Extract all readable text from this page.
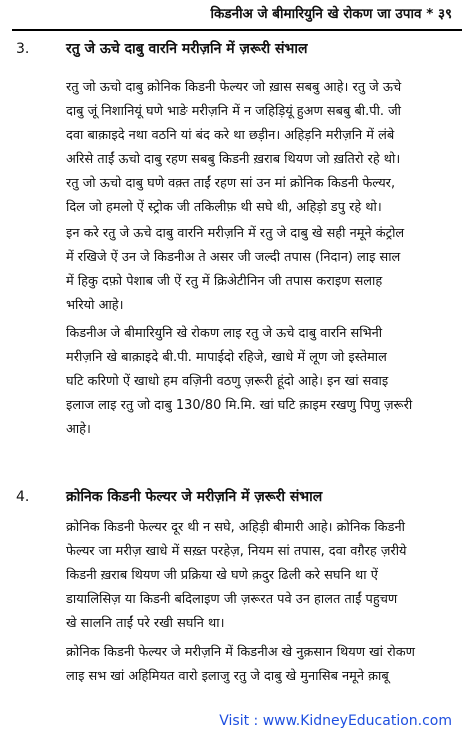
किडनीअ जे बीमारियुनि खे रोकण जा उपाव * ३९
3.	रतु जे ऊचे दाबु वारनि मरीज़नि में ज़रूरी संभाल
रतु जो ऊचो दाबु क्रोनिक किडनी फेल्यर जो ख़ास सबबु आहे। रतु जे ऊचे
दाबु जूं निशानियूं घणे भाङे मरीज़नि में न जहिड़ियूं हुअण सबबु बी.पी. जी
दवा बाक़ाइदे नथा वठनि यां बंद करे था छड़ीन। अहिड़नि मरीज़नि में लंबे
अरिसे ताईं ऊचो दाबु रहण सबबु किडनी ख़राब थियण जो ख़तिरो रहे थो।
रतु जो ऊचो दाबु घणे वक़्त ताईं रहण सां उन मां क्रोनिक किडनी फेल्यर,
दिल जो हमलो ऐं स्ट्रोक जी तकिलीफ़ थी सघे थी, अहिड़ो डपु रहे थो।
इन करे रतु जे ऊचे दाबु वारनि मरीज़नि में रतु जे दाबु खे सही नमूने कंट्रोल
में रखिजे ऐं उन जे किडनीअ ते असर जी जल्दी तपास (निदान) लाइ साल
में हिकु दफ़ो पेशाब जी ऐं रतु में क्रिअेटीनिन जी तपास कराइण सलाह
भरियो आहे।
किडनीअ जे बीमारियुनि खे रोकण लाइ रतु जे ऊचे दाबु वारनि सभिनी
मरीज़नि खे बाक़ाइदे बी.पी. मापाईदो रहिजे, खाधे में लूण जो इस्तेमाल
घटि करिणो ऐं खाधो हम वज़िनी वठणु ज़रूरी हूंदो आहे। इन खां सवाइ
इलाज लाइ रतु जो दाबु 130/80 मि.मि. खां घटि क़ाइम रखणु पिणु ज़रूरी
आहे।
4.	क्रोनिक किडनी फेल्यर जे मरीज़नि में ज़रूरी संभाल
क्रोनिक किडनी फेल्यर दूर थी न सघे, अहिड़ी बीमारी आहे। क्रोनिक किडनी
फेल्यर जा मरीज़ खाधे में सख़्त परहेज़, नियम सां तपास, दवा वग़ैरह ज़रीये
किडनी ख़राब थियण जी प्रक्रिया खे घणे क़दुर ढिली करे सघनि था ऐं
डायालिसिज़ या किडनी बदिलाइण जी ज़रूरत पवे उन हालत ताईं पहुचण
खे सालनि ताईं परे रखी सघनि था।
क्रोनिक किडनी फेल्यर जे मरीज़नि में किडनीअ खे नुक़सान थियण खां रोकण
लाइ सभ खां अहिमियत वारो इलाजु रतु जे दाबु खे मुनासिब नमूने क़ाबू
Visit : www.KidneyEducation.com
